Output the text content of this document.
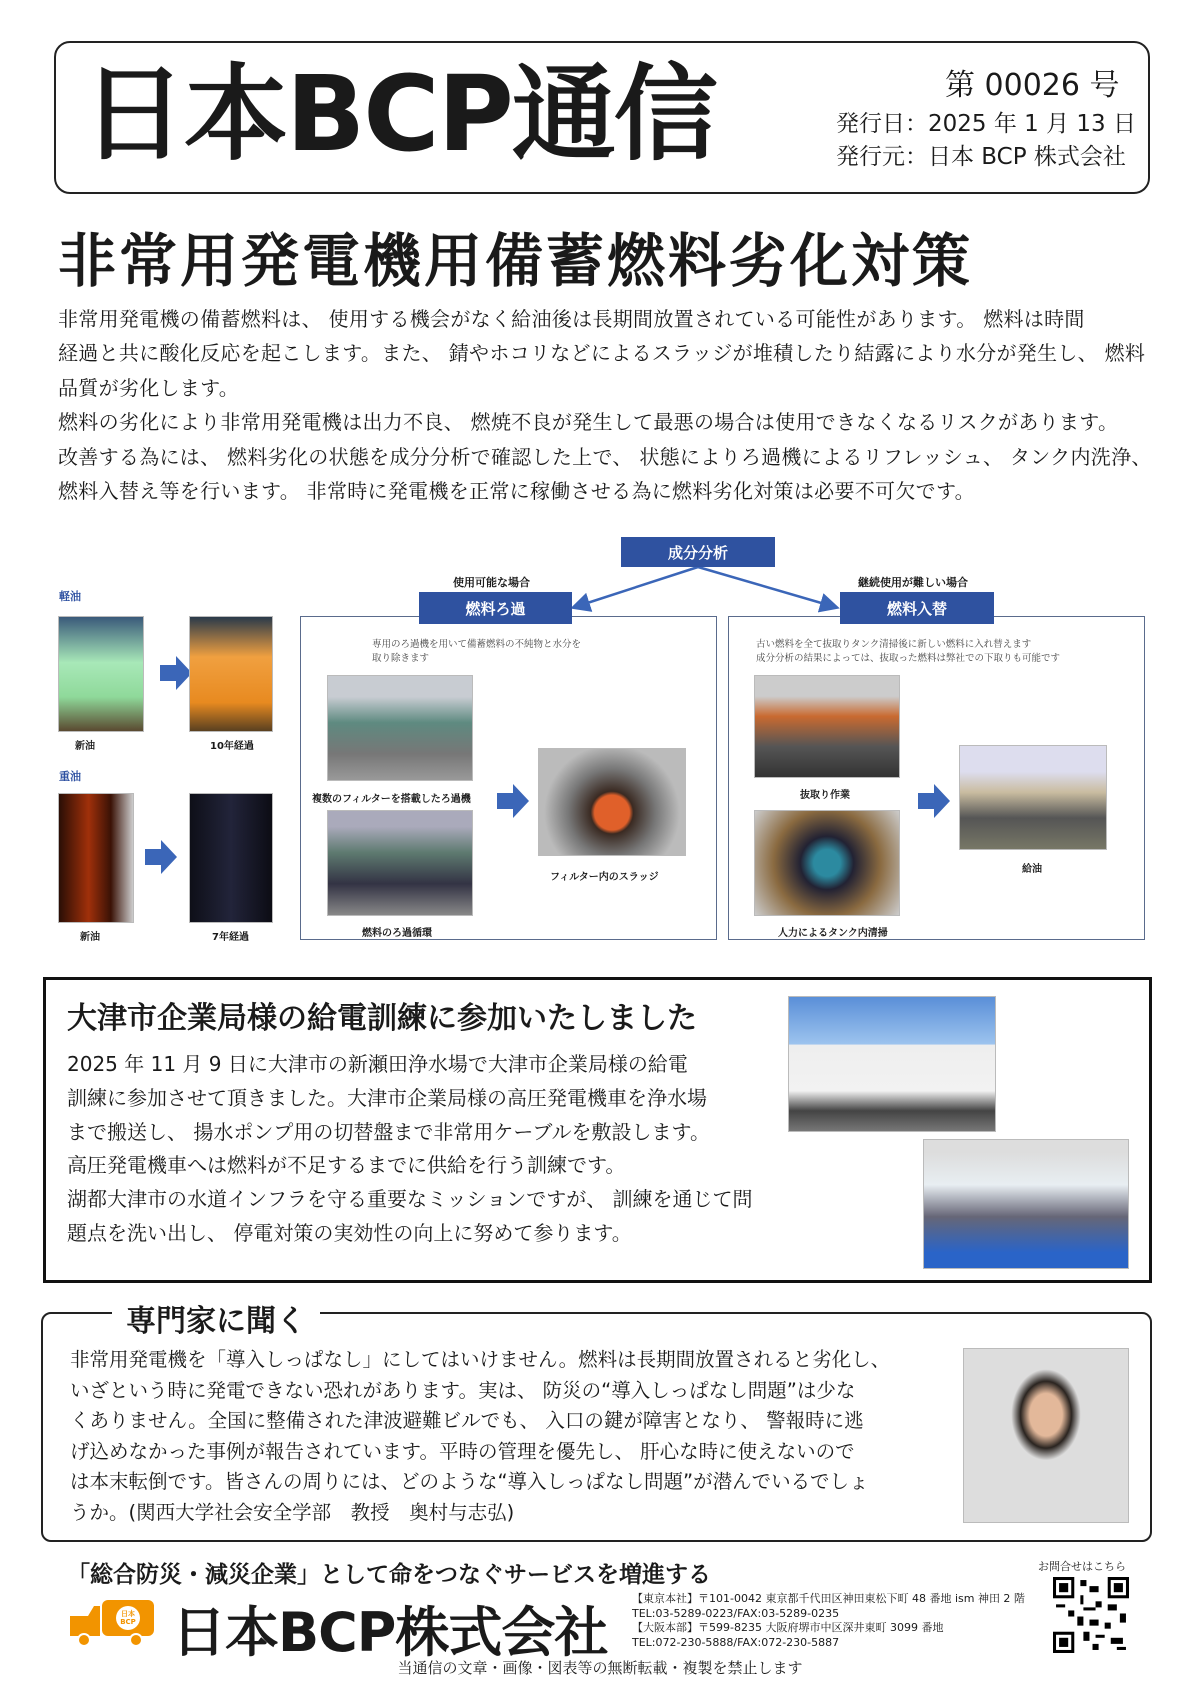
日本BCP通信	第 00026 号
発行日：2025 年 1 月 13 日
発行元：日本 BCP 株式会社
非常用発電機用備蓄燃料劣化対策
非常用発電機の備蓄燃料は、 使用する機会がなく給油後は長期間放置されている可能性があります。 燃料は時間
経過と共に酸化反応を起こします。また、 錆やホコリなどによるスラッジが堆積したり結露により水分が発生し、 燃料
品質が劣化します。
燃料の劣化により非常用発電機は出力不良、 燃焼不良が発生して最悪の場合は使用できなくなるリスクがあります。
改善する為には、 燃料劣化の状態を成分分析で確認した上で、 状態によりろ過機によるリフレッシュ、 タンク内洗浄、
燃料入替え等を行います。 非常時に発電機を正常に稼働させる為に燃料劣化対策は必要不可欠です。
軽油
新油	10年経過
重油
新油	7年経過
成分分析
使用可能な場合	継続使用が難しい場合
燃料ろ過	燃料入替
専用のろ過機を用いて備蓄燃料の不純物と水分を
取り除きます
複数のフィルターを搭載したろ過機
燃料のろ過循環
フィルター内のスラッジ
古い燃料を全て抜取りタンク清掃後に新しい燃料に入れ替えます
成分分析の結果によっては、抜取った燃料は弊社での下取りも可能です
抜取り作業
人力によるタンク内清掃
給油
大津市企業局様の給電訓練に参加いたしました
2025 年 11 月 9 日に大津市の新瀬田浄水場で大津市企業局様の給電
訓練に参加させて頂きました。大津市企業局様の高圧発電機車を浄水場
まで搬送し、 揚水ポンプ用の切替盤まで非常用ケーブルを敷設します。
高圧発電機車へは燃料が不足するまでに供給を行う訓練です。
湖都大津市の水道インフラを守る重要なミッションですが、 訓練を通じて問
題点を洗い出し、 停電対策の実効性の向上に努めて参ります。
専門家に聞く
非常用発電機を「導入しっぱなし」にしてはいけません。燃料は長期間放置されると劣化し、
いざという時に発電できない恐れがあります。実は、 防災の“導入しっぱなし問題”は少な
くありません。全国に整備された津波避難ビルでも、 入口の鍵が障害となり、 警報時に逃
げ込めなかった事例が報告されています。平時の管理を優先し、 肝心な時に使えないので
は本末転倒です。皆さんの周りには、どのような“導入しっぱなし問題”が潜んでいるでしょ
うか。(関西大学社会安全学部　教授　奥村与志弘)
「総合防災・減災企業」として命をつなぐサービスを増進する
日本
BCP 日本BCP株式会社
【東京本社】〒101-0042 東京都千代田区神田東松下町 48 番地 ism 神田 2 階
TEL:03-5289-0223/FAX:03-5289-0235
【大阪本部】〒599-8235 大阪府堺市中区深井東町 3099 番地
TEL:072-230-5888/FAX:072-230-5887
お問合せはこちら
当通信の文章・画像・図表等の無断転載・複製を禁止します
